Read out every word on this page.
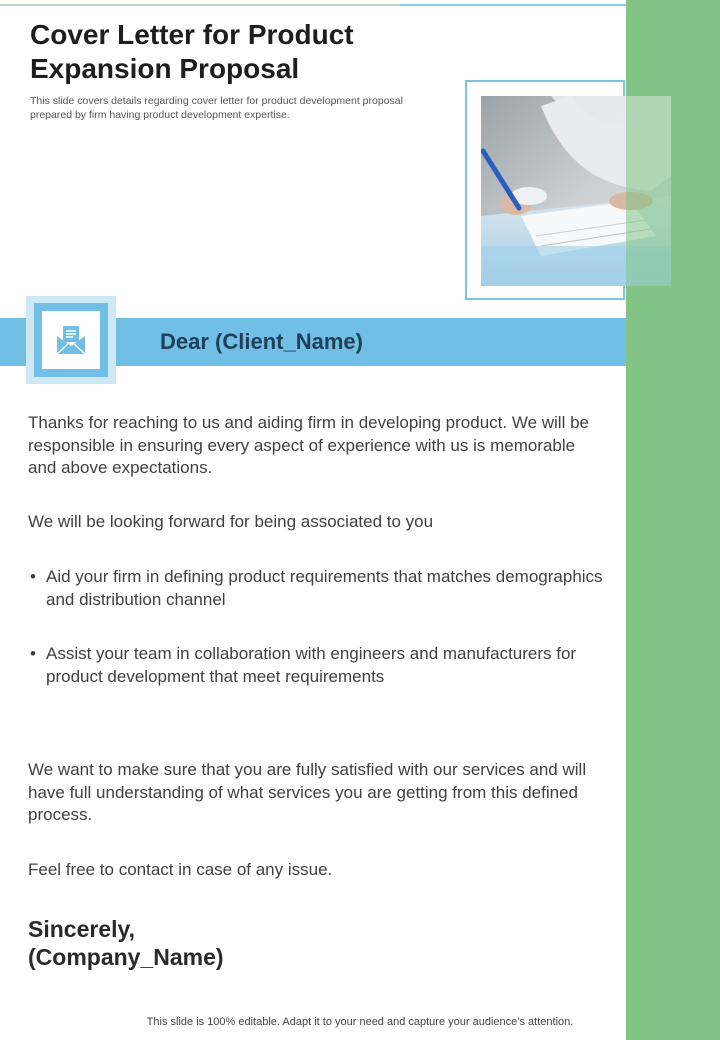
Cover Letter for Product
Expansion Proposal

This slide covers details regarding cover letter for product development proposal
prepared by firm having product development expertise.

Dear (Client_Name)

Thanks for reaching to us and aiding firm in developing product. We will be responsible in ensuring every aspect of experience with us is memorable and above expectations.

We will be looking forward for being associated to you

• Aid your firm in defining product requirements that matches demographics and distribution channel
• Assist your team in collaboration with engineers and manufacturers for product development that meet requirements

We want to make sure that you are fully satisfied with our services and will have full understanding of what services you are getting from this defined process.

Feel free to contact in case of any issue.

Sincerely,
(Company_Name)
This slide is 100% editable. Adapt it to your need and capture your audience’s attention.
